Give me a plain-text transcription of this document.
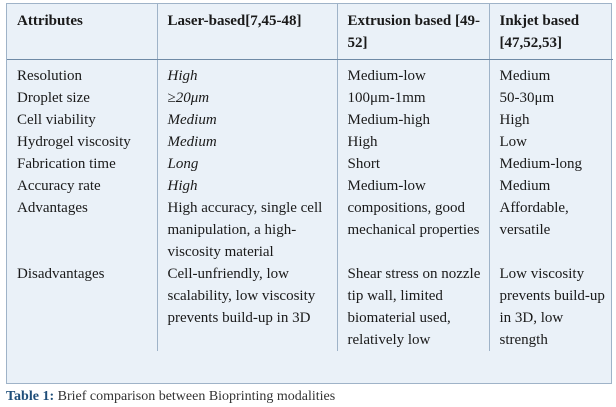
Attributes	Laser-based[7,45-48]	Extrusion based [49-52]	Inkjet based [47,52,53]
Resolution	High	Medium-low	Medium
Droplet size	≥20μm	100μm-1mm	50-30μm
Cell viability	Medium	Medium-high	High
Hydrogel viscosity	Medium	High	Low
Fabrication time	Long	Short	Medium-long
Accuracy rate	High	Medium-low	Medium
Advantages	High accuracy, single cell manipulation, a high-viscosity material	compositions, good mechanical properties	Affordable, versatile
Disadvantages	Cell-unfriendly, low scalability, low viscosity prevents build-up in 3D	Shear stress on nozzle tip wall, limited biomaterial used, relatively low	Low viscosity prevents build-up in 3D, low strength
Table 1: Brief comparison between Bioprinting modalities
